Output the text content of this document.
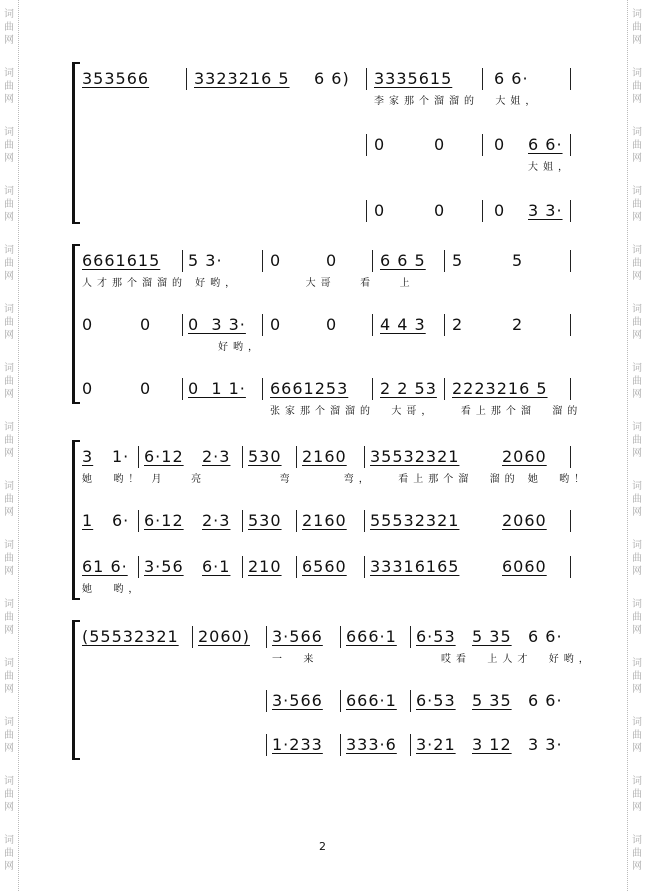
词
曲
网
词
曲
网
词
曲
网
词
曲
网
词
曲
网
词
曲
网
词
曲
网
词
曲
网
词
曲
网
词
曲
网
词
曲
网
词
曲
网
词
曲
网
词
曲
网
词
曲
网
词
曲
网
词
曲
网
词
曲
网
词
曲
网
词
曲
网
词
曲
网
词
曲
网
词
曲
网
词
曲
网
词
曲
网
词
曲
网
词
曲
网
词
曲
网
词
曲
网
词
曲
网
353566	3323216 5 6 6) 3335615	6 6·
李家那个溜溜的  大姐，
0	0	0 6 6·
大姐，
0	0	0 3 3·
6661615 5 3·	0	0	6 6 5 5	5
人才那个溜溜的 好哟，        大哥   看   上
0	0 0  3 3· 0	0	4 4 3 2	2
好哟，
0	0 0  1 1· 6661253 2 2 53 2223216 5
张家那个溜溜的  大哥，   看上那个溜  溜的
3 1· 6·12 2·3 530 2160 35532321	2060
她  哟！ 月   亮         弯      弯，   看上那个溜  溜的 她  哟！
1 6· 6·12 2·3 530 2160 55532321	2060
61 6· 3·56 6·1 210 6560 33316165	6060
她  哟，
(55532321 2060) 3·566 666·1 6·53 5 35 6 6·
一  来               哎看  上人才  好哟，
3·566 666·1 6·53 5 35 6 6·
1·233 333·6 3·21 3 12 3 3·
2
